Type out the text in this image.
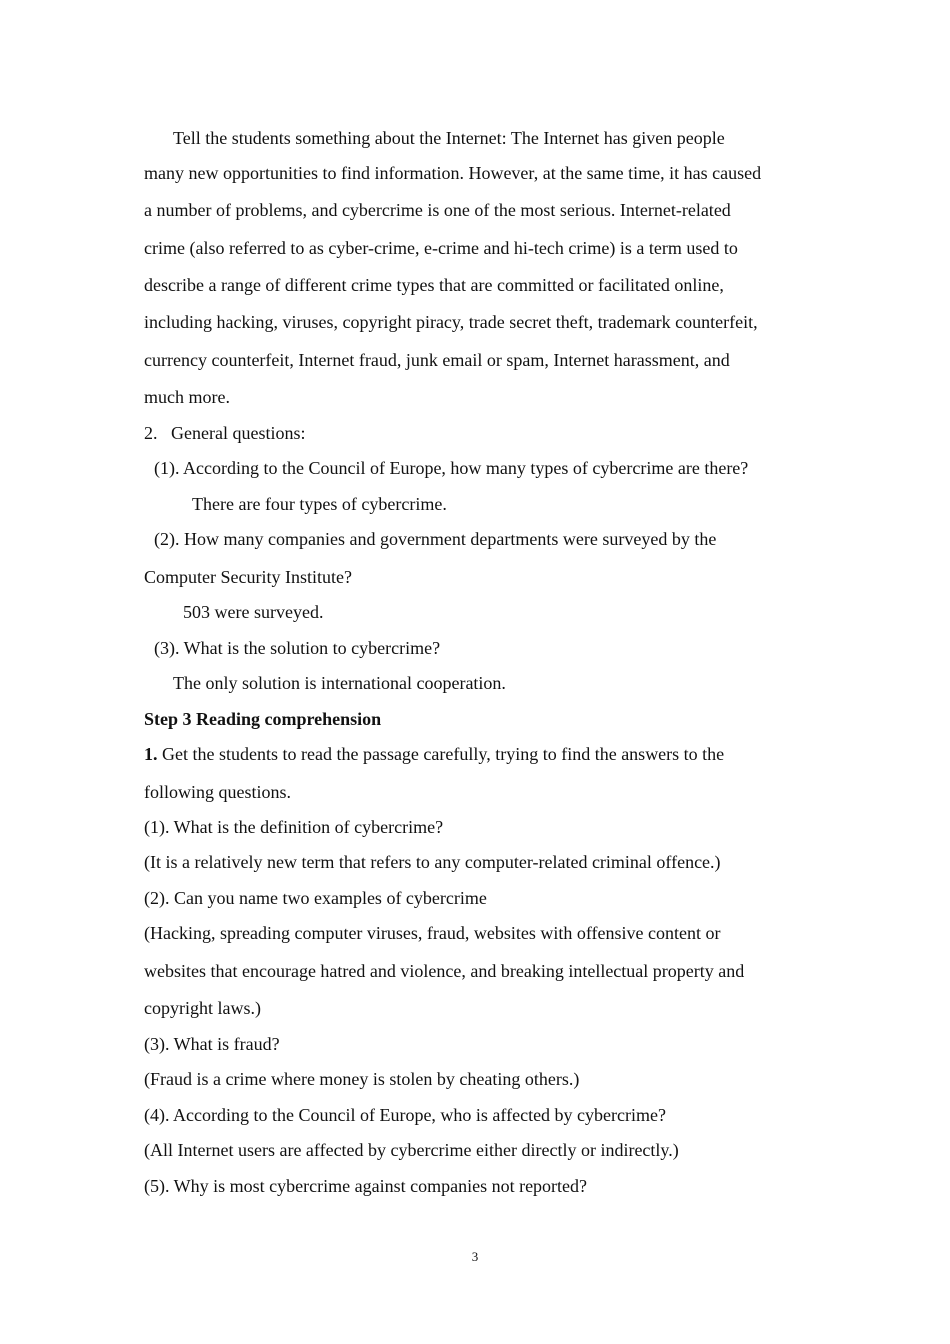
Tell the students something about the Internet: The Internet has given people
many new opportunities to find information. However, at the same time, it has caused
a number of problems, and cybercrime is one of the most serious. Internet-related
crime (also referred to as cyber-crime, e-crime and hi-tech crime) is a term used to
describe a range of different crime types that are committed or facilitated online,
including hacking, viruses, copyright piracy, trade secret theft, trademark counterfeit,
currency counterfeit, Internet fraud, junk email or spam, Internet harassment, and
much more.
2.   General questions:
(1). According to the Council of Europe, how many types of cybercrime are there?
There are four types of cybercrime.
(2). How many companies and government departments were surveyed by the
Computer Security Institute?
503 were surveyed.
(3). What is the solution to cybercrime?
The only solution is international cooperation.
Step 3 Reading comprehension
1. Get the students to read the passage carefully, trying to find the answers to the
following questions.
(1). What is the definition of cybercrime?
(It is a relatively new term that refers to any computer-related criminal offence.)
(2). Can you name two examples of cybercrime
(Hacking, spreading computer viruses, fraud, websites with offensive content or
websites that encourage hatred and violence, and breaking intellectual property and
copyright laws.)
(3). What is fraud?
(Fraud is a crime where money is stolen by cheating others.)
(4). According to the Council of Europe, who is affected by cybercrime?
(All Internet users are affected by cybercrime either directly or indirectly.)
(5). Why is most cybercrime against companies not reported?
3
